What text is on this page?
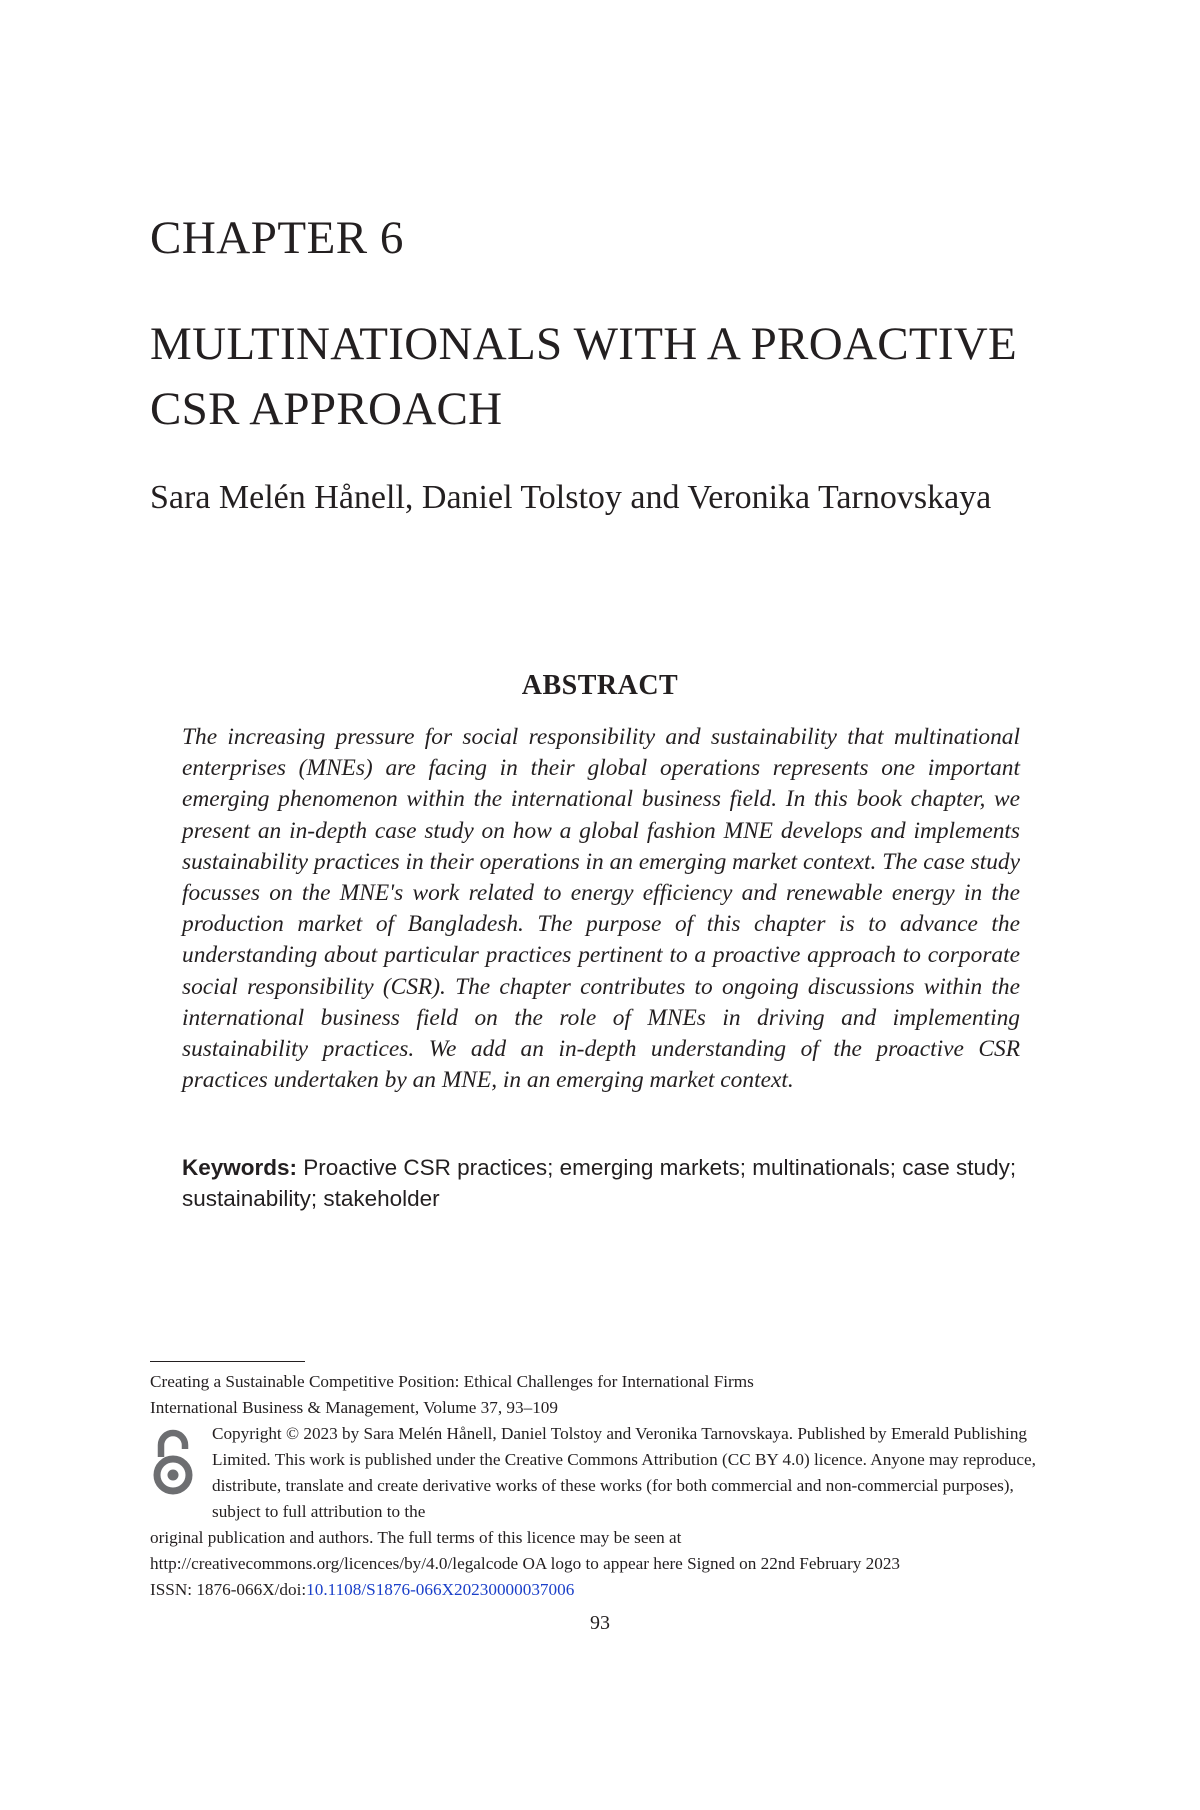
CHAPTER 6
MULTINATIONALS WITH A PROACTIVE CSR APPROACH

Sara Melén Hånell, Daniel Tolstoy and Veronika Tarnovskaya

ABSTRACT

The increasing pressure for social responsibility and sustainability that multinational enterprises (MNEs) are facing in their global operations represents one important emerging phenomenon within the international business field. In this book chapter, we present an in-depth case study on how a global fashion MNE develops and implements sustainability practices in their operations in an emerging market context. The case study focusses on the MNE's work related to energy efficiency and renewable energy in the production market of Bangladesh. The purpose of this chapter is to advance the understanding about particular practices pertinent to a proactive approach to corporate social responsibility (CSR). The chapter contributes to ongoing discussions within the international business field on the role of MNEs in driving and implementing sustainability practices. We add an in-depth understanding of the proactive CSR practices undertaken by an MNE, in an emerging market context.

Keywords: Proactive CSR practices; emerging markets; multinationals; case study; sustainability; stakeholder

Creating a Sustainable Competitive Position: Ethical Challenges for International Firms
International Business & Management, Volume 37, 93–109
Copyright © 2023 by Sara Melén Hånell, Daniel Tolstoy and Veronika Tarnovskaya. Published by Emerald Publishing Limited. This work is published under the Creative Commons Attribution (CC BY 4.0) licence. Anyone may reproduce, distribute, translate and create derivative works of these works (for both commercial and non-commercial purposes), subject to full attribution to the
original publication and authors. The full terms of this licence may be seen at http://creativecommons.org/licences/by/4.0/legalcode OA logo to appear here Signed on 22nd February 2023
ISSN: 1876-066X/doi:10.1108/S1876-066X20230000037006
93
